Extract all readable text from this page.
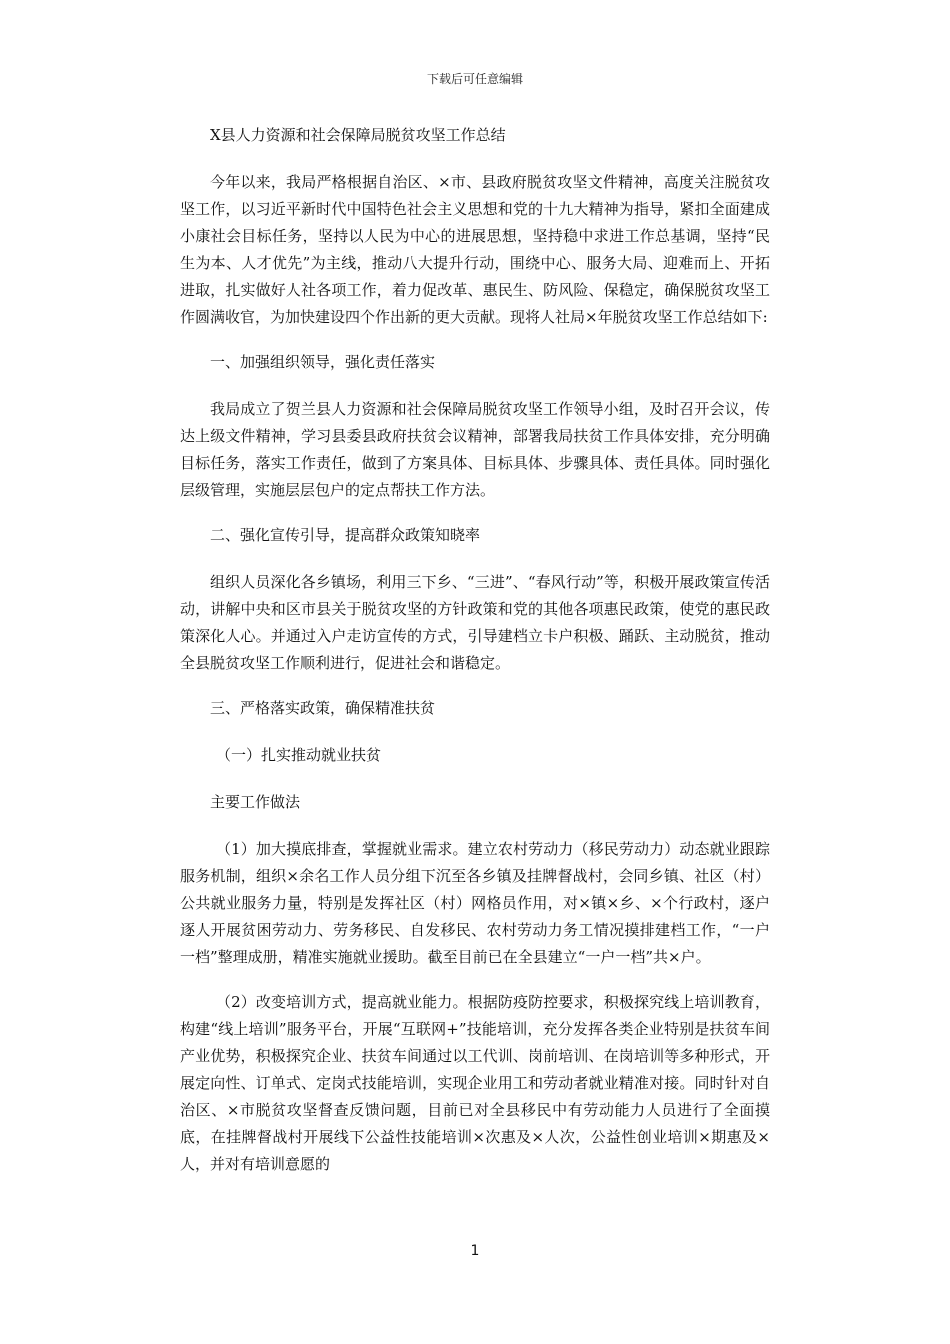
下载后可任意编辑

X县人力资源和社会保障局脱贫攻坚工作总结

今年以来，我局严格根据自治区、×市、县政府脱贫攻坚文件精神，高度关注脱贫攻坚工作，以习近平新时代中国特色社会主义思想和党的十九大精神为指导，紧扣全面建成小康社会目标任务，坚持以人民为中心的进展思想，坚持稳中求进工作总基调，坚持“民生为本、人才优先”为主线，推动八大提升行动，围绕中心、服务大局、迎难而上、开拓进取，扎实做好人社各项工作，着力促改革、惠民生、防风险、保稳定，确保脱贫攻坚工作圆满收官，为加快建设四个作出新的更大贡献。现将人社局×年脱贫攻坚工作总结如下:

一、加强组织领导，强化责任落实

我局成立了贺兰县人力资源和社会保障局脱贫攻坚工作领导小组，及时召开会议，传达上级文件精神，学习县委县政府扶贫会议精神，部署我局扶贫工作具体安排，充分明确目标任务，落实工作责任，做到了方案具体、目标具体、步骤具体、责任具体。同时强化层级管理，实施层层包户的定点帮扶工作方法。

二、强化宣传引导，提高群众政策知晓率

组织人员深化各乡镇场，利用三下乡、“三进”、“春风行动”等，积极开展政策宣传活动，讲解中央和区市县关于脱贫攻坚的方针政策和党的其他各项惠民政策，使党的惠民政策深化人心。并通过入户走访宣传的方式，引导建档立卡户积极、踊跃、主动脱贫，推动全县脱贫攻坚工作顺利进行，促进社会和谐稳定。

三、严格落实政策，确保精准扶贫

（一）扎实推动就业扶贫

主要工作做法

（1）加大摸底排查，掌握就业需求。建立农村劳动力（移民劳动力）动态就业跟踪服务机制，组织×余名工作人员分组下沉至各乡镇及挂牌督战村，会同乡镇、社区（村）公共就业服务力量，特别是发挥社区（村）网格员作用，对×镇×乡、×个行政村，逐户逐人开展贫困劳动力、劳务移民、自发移民、农村劳动力务工情况摸排建档工作，“一户一档”整理成册，精准实施就业援助。截至目前已在全县建立“一户一档”共×户。

（2）改变培训方式，提高就业能力。根据防疫防控要求，积极探究线上培训教育，构建“线上培训”服务平台，开展“互联网+”技能培训，充分发挥各类企业特别是扶贫车间产业优势，积极探究企业、扶贫车间通过以工代训、岗前培训、在岗培训等多种形式，开展定向性、订单式、定岗式技能培训，实现企业用工和劳动者就业精准对接。同时针对自治区、×市脱贫攻坚督查反馈问题，目前已对全县移民中有劳动能力人员进行了全面摸底，在挂牌督战村开展线下公益性技能培训×次惠及×人次，公益性创业培训×期惠及×人，并对有培训意愿的

1
